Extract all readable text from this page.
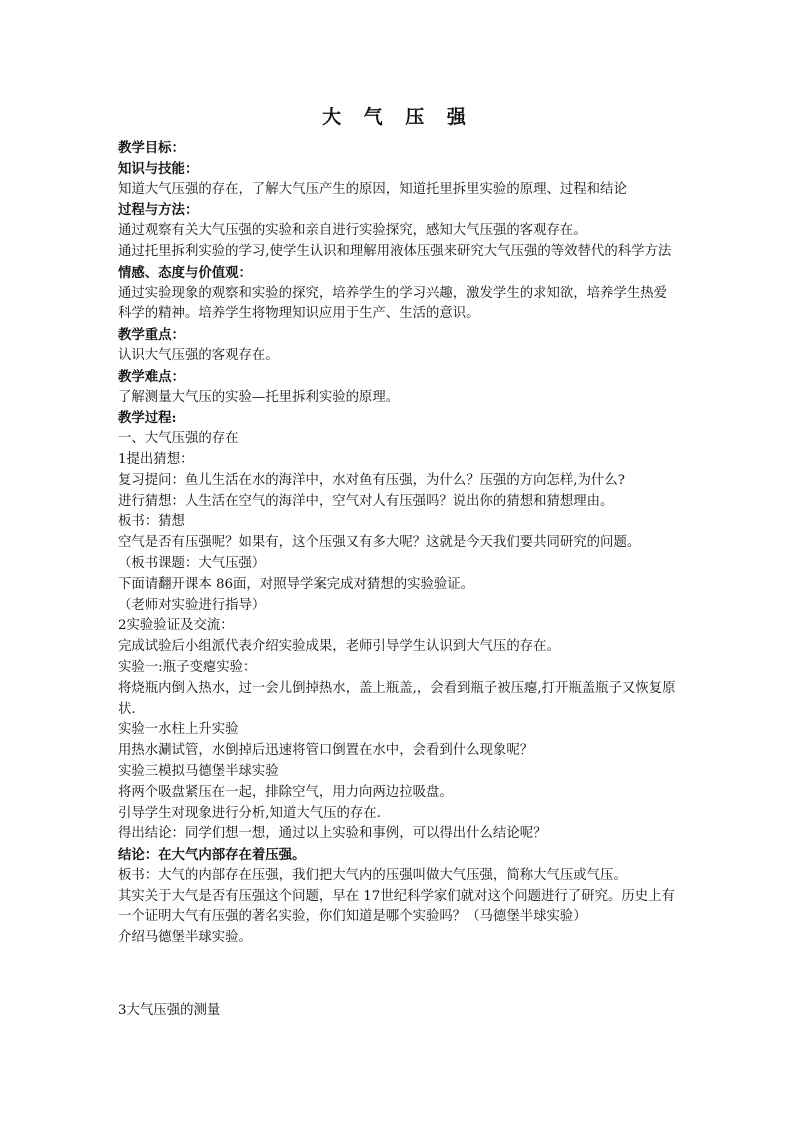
大 气 压 强

教学目标：

知识与技能：

知道大气压强的存在，了解大气压产生的原因，知道托里拆里实验的原理、过程和结论

过程与方法：

通过观察有关大气压强的实验和亲自进行实验探究，感知大气压强的客观存在。

通过托里拆利实验的学习,使学生认识和理解用液体压强来研究大气压强的等效替代的科学方法

情感、态度与价值观：

通过实验现象的观察和实验的探究，培养学生的学习兴趣，激发学生的求知欲，培养学生热爱科学的精神。培养学生将物理知识应用于生产、生活的意识。

教学重点：

认识大气压强的客观存在。

教学难点：

了解测量大气压的实验—托里拆利实验的原理。

教学过程:

一、大气压强的存在

1提出猜想：

复习提问：鱼儿生活在水的海洋中，水对鱼有压强，为什么？压强的方向怎样,为什么?

进行猜想：人生活在空气的海洋中，空气对人有压强吗？说出你的猜想和猜想理由。

板书：猜想

空气是否有压强呢？如果有，这个压强又有多大呢？这就是今天我们要共同研究的问题。

（板书课题：大气压强）

下面请翻开课本 86面，对照导学案完成对猜想的实验验证。

（老师对实验进行指导）

2实验验证及交流：

完成试验后小组派代表介绍实验成果，老师引导学生认识到大气压的存在。

实验一:瓶子变瘪实验：

将烧瓶内倒入热水，过一会儿倒掉热水，盖上瓶盖,，会看到瓶子被压瘪,打开瓶盖瓶子又恢复原状.

实验一水柱上升实验

用热水涮试管，水倒掉后迅速将管口倒置在水中，会看到什么现象呢？

实验三模拟马德堡半球实验

将两个吸盘紧压在一起，排除空气，用力向两边拉吸盘。

引导学生对现象进行分析,知道大气压的存在.

得出结论：同学们想一想，通过以上实验和事例，可以得出什么结论呢？

结论：在大气内部存在着压强。

板书：大气的内部存在压强，我们把大气内的压强叫做大气压强，简称大气压或气压。

其实关于大气是否有压强这个问题，早在 17世纪科学家们就对这个问题进行了研究。历史上有一个证明大气有压强的著名实验，你们知道是哪个实验吗？（马德堡半球实验）

介绍马德堡半球实验。

3大气压强的测量
